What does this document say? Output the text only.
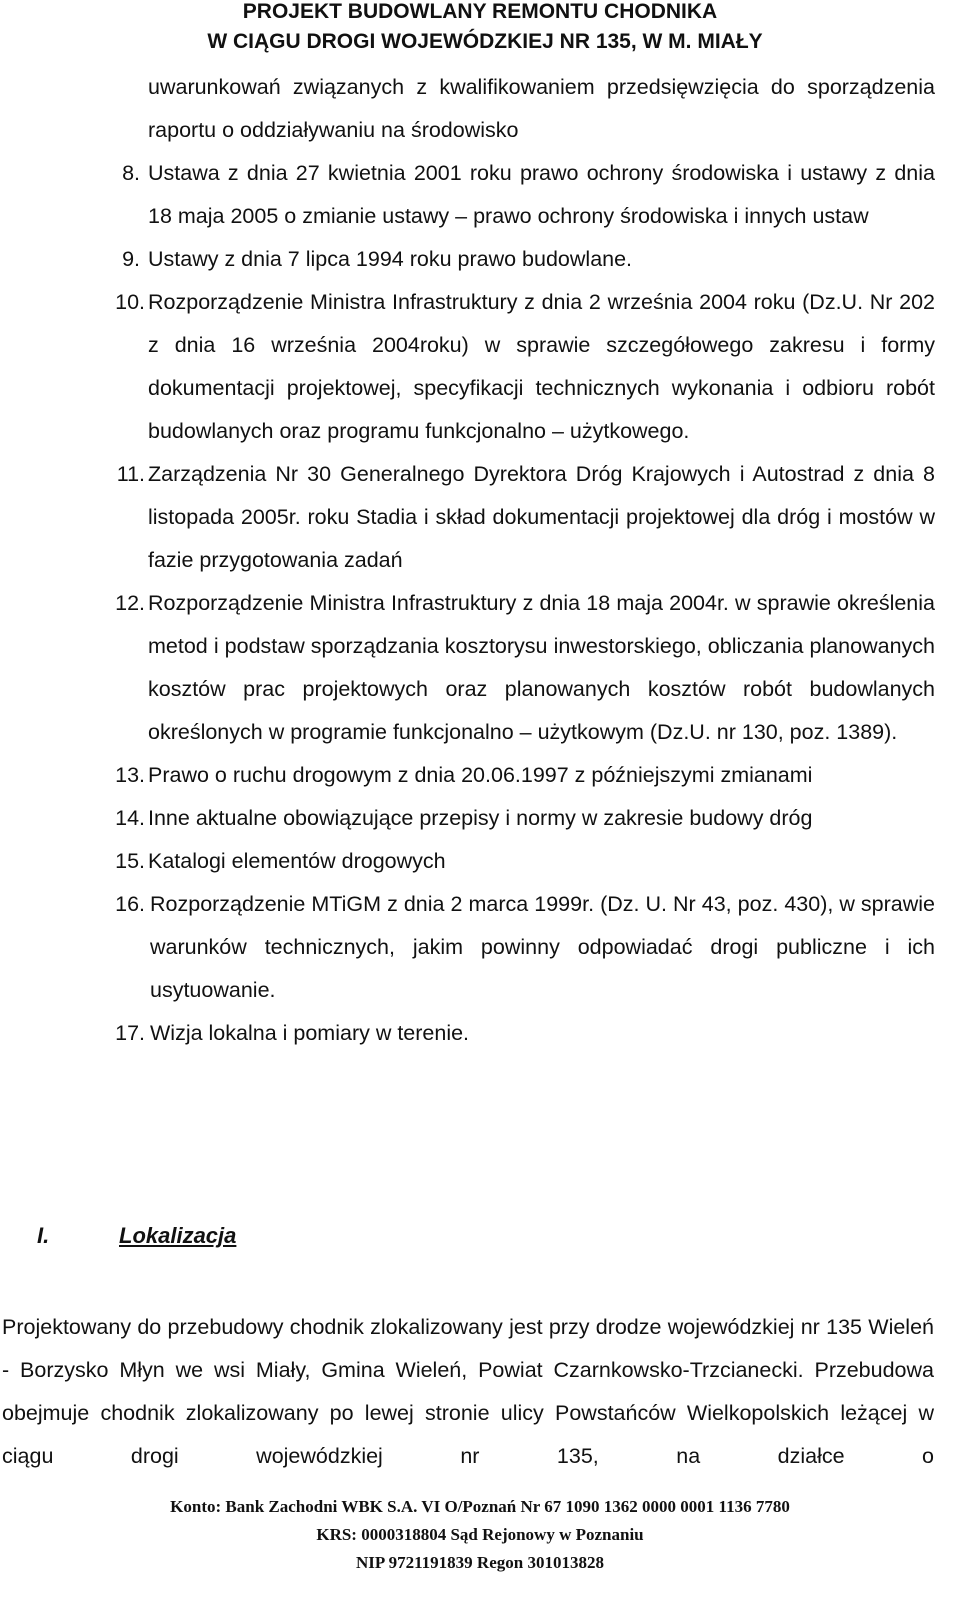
PROJEKT BUDOWLANY REMONTU CHODNIKA
W CIĄGU DROGI WOJEWÓDZKIEJ NR 135, W M. MIAŁY
uwarunkowań związanych z kwalifikowaniem przedsięwzięcia do sporządzenia raportu o oddziaływaniu na środowisko
8. Ustawa z dnia 27 kwietnia 2001 roku prawo ochrony środowiska i ustawy z dnia 18 maja 2005 o zmianie ustawy – prawo ochrony środowiska i innych ustaw
9. Ustawy z dnia 7 lipca 1994 roku prawo budowlane.
10. Rozporządzenie Ministra Infrastruktury z dnia 2 września 2004 roku (Dz.U. Nr 202 z dnia 16 września 2004roku) w sprawie szczegółowego zakresu i formy dokumentacji projektowej, specyfikacji technicznych wykonania i odbioru robót budowlanych oraz programu funkcjonalno – użytkowego.
11. Zarządzenia Nr 30 Generalnego Dyrektora Dróg Krajowych i Autostrad z dnia 8 listopada 2005r. roku Stadia i skład dokumentacji projektowej dla dróg i mostów w fazie przygotowania zadań
12. Rozporządzenie Ministra Infrastruktury z dnia 18 maja 2004r. w sprawie określenia metod i podstaw sporządzania kosztorysu inwestorskiego, obliczania planowanych kosztów prac projektowych oraz planowanych kosztów robót budowlanych określonych w programie funkcjonalno – użytkowym (Dz.U. nr 130, poz. 1389).
13. Prawo o ruchu drogowym z dnia 20.06.1997 z późniejszymi zmianami
14. Inne aktualne obowiązujące przepisy i normy w zakresie budowy dróg
15. Katalogi elementów drogowych
16. Rozporządzenie MTiGM z dnia 2 marca 1999r. (Dz. U. Nr 43, poz. 430), w sprawie warunków technicznych, jakim powinny odpowiadać drogi publiczne i ich usytuowanie.
17. Wizja lokalna i pomiary w terenie.
I.	Lokalizacja
Projektowany do przebudowy chodnik zlokalizowany jest przy drodze wojewódzkiej nr 135 Wieleń - Borzysko Młyn we wsi Miały, Gmina Wieleń, Powiat Czarnkowsko-Trzcianecki. Przebudowa obejmuje chodnik zlokalizowany po lewej stronie ulicy Powstańców Wielkopolskich leżącej w ciągu drogi wojewódzkiej nr 135, na działce o
Konto: Bank Zachodni WBK S.A. VI O/Poznań Nr 67 1090 1362 0000 0001 1136 7780
KRS: 0000318804 Sąd Rejonowy w Poznaniu
NIP 9721191839 Regon 301013828
